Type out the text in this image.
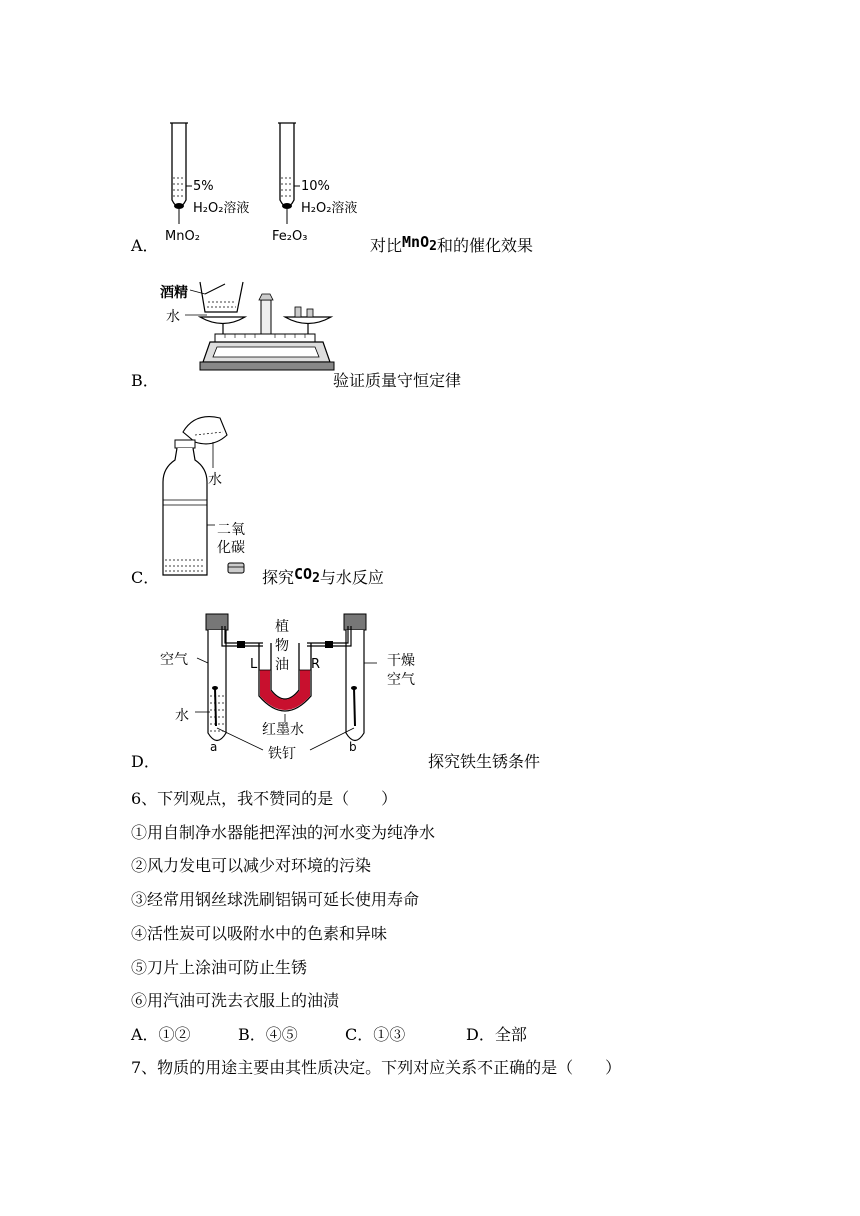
5%
H₂O₂溶液
MnO₂
10%
H₂O₂溶液
Fe₂O₃
A．	对比MnO2和的催化效果
酒精
水
B．	验证质量守恒定律
水
二氧
化碳
C．	探究CO2与水反应
空气
水
L	R
植
物
油	干燥
空气
红墨水
a	b
铁钉
D．	探究铁生锈条件
6、下列观点，我不赞同的是（　　）
①用自制净水器能把浑浊的河水变为纯净水
②风力发电可以减少对环境的污染
③经常用钢丝球洗刷铝锅可延长使用寿命
④活性炭可以吸附水中的色素和异味
⑤刀片上涂油可防止生锈
⑥用汽油可洗去衣服上的油渍
A．①②	B．④⑤	C．①③	D．全部
7、物质的用途主要由其性质决定。下列对应关系不正确的是（　　）
